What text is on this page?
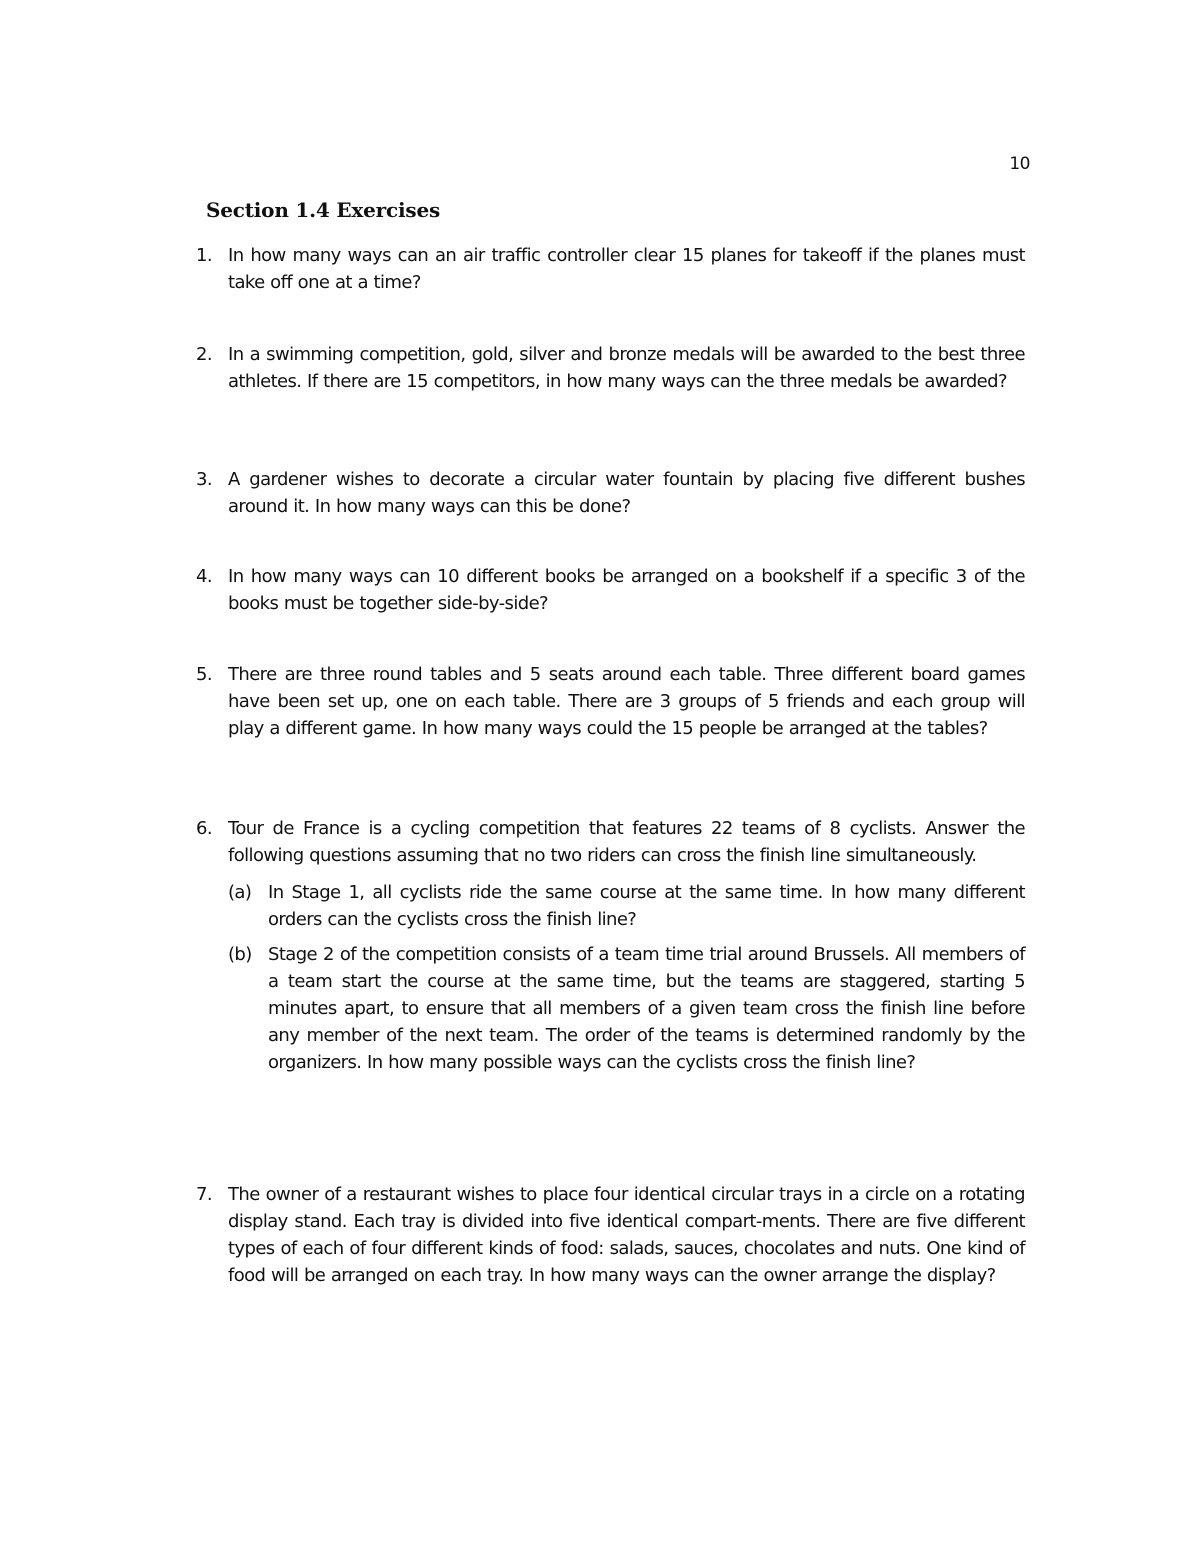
10
Section 1.4 Exercises
1. In how many ways can an air traffic controller clear 15 planes for takeoff if the planes must take off one at a time?
2. In a swimming competition, gold, silver and bronze medals will be awarded to the best three athletes. If there are 15 competitors, in how many ways can the three medals be awarded?
3. A gardener wishes to decorate a circular water fountain by placing five different bushes around it. In how many ways can this be done?
4. In how many ways can 10 different books be arranged on a bookshelf if a specific 3 of the books must be together side-by-side?
5. There are three round tables and 5 seats around each table. Three different board games have been set up, one on each table. There are 3 groups of 5 friends and each group will play a different game. In how many ways could the 15 people be arranged at the tables?
6. Tour de France is a cycling competition that features 22 teams of 8 cyclists. Answer the following questions assuming that no two riders can cross the finish line simultaneously.
(a) In Stage 1, all cyclists ride the same course at the same time. In how many different orders can the cyclists cross the finish line?
(b) Stage 2 of the competition consists of a team time trial around Brussels. All members of a team start the course at the same time, but the teams are staggered, starting 5 minutes apart, to ensure that all members of a given team cross the finish line before any member of the next team. The order of the teams is determined randomly by the organizers. In how many possible ways can the cyclists cross the finish line?
7. The owner of a restaurant wishes to place four identical circular trays in a circle on a rotating display stand. Each tray is divided into five identical compart-ments. There are five different types of each of four different kinds of food: salads, sauces, chocolates and nuts. One kind of food will be arranged on each tray. In how many ways can the owner arrange the display?
